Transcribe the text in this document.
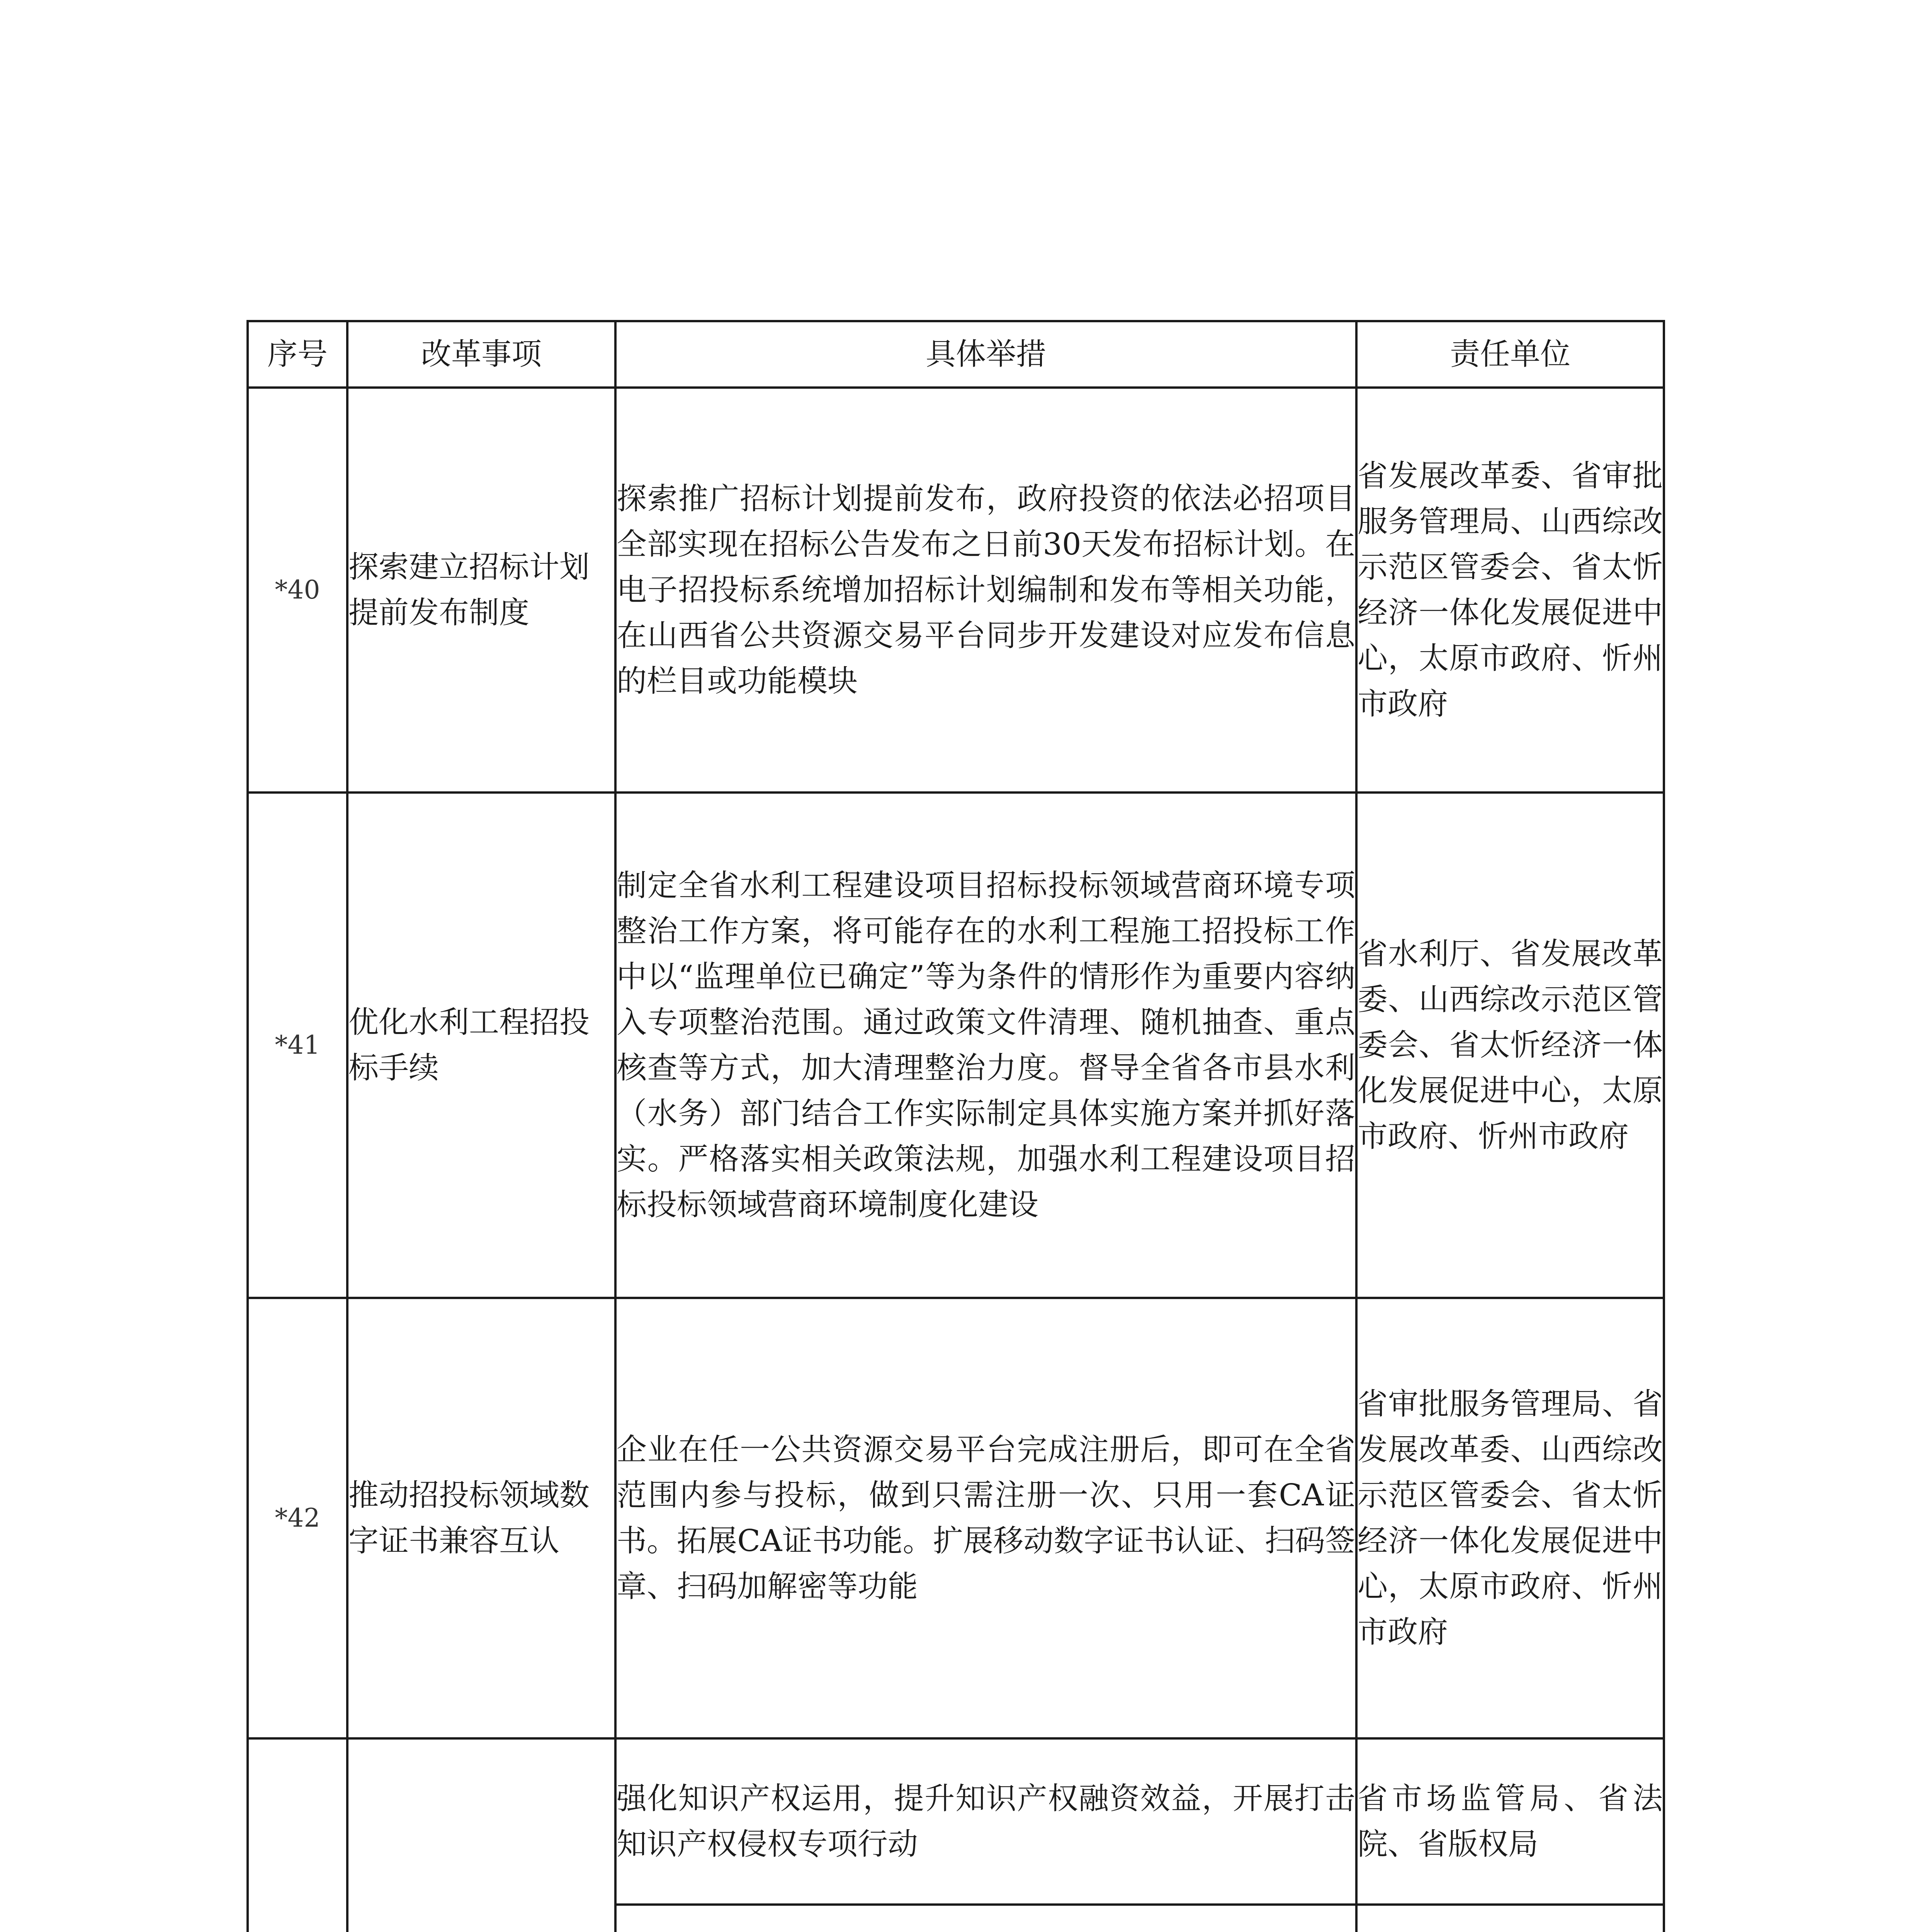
序号	改革事项	具体举措	责任单位
*40	探索建立招标计划提前发布制度	探索推广招标计划提前发布，政府投资的依法必招项目全部实现在招标公告发布之日前30天发布招标计划。在电子招投标系统增加招标计划编制和发布等相关功能，在山西省公共资源交易平台同步开发建设对应发布信息的栏目或功能模块	省发展改革委、省审批服务管理局、山西综改示范区管委会、省太忻经济一体化发展促进中心，太原市政府、忻州市政府
*41	优化水利工程招投标手续	制定全省水利工程建设项目招标投标领域营商环境专项整治工作方案，将可能存在的水利工程施工招投标工作中以“监理单位已确定”等为条件的情形作为重要内容纳入专项整治范围。通过政策文件清理、随机抽查、重点核查等方式，加大清理整治力度。督导全省各市县水利（水务）部门结合工作实际制定具体实施方案并抓好落实。严格落实相关政策法规，加强水利工程建设项目招标投标领域营商环境制度化建设	省水利厅、省发展改革委、山西综改示范区管委会、省太忻经济一体化发展促进中心，太原市政府、忻州市政府
*42	推动招投标领域数字证书兼容互认	企业在任一公共资源交易平台完成注册后，即可在全省范围内参与投标，做到只需注册一次、只用一套CA证书。拓展CA证书功能。扩展移动数字证书认证、扫码签章、扫码加解密等功能	省审批服务管理局、省发展改革委、山西综改示范区管委会、省太忻经济一体化发展促进中心，太原市政府、忻州市政府
		强化知识产权运用，提升知识产权融资效益，开展打击知识产权侵权专项行动	省市场监管局、省法院、省版权局
